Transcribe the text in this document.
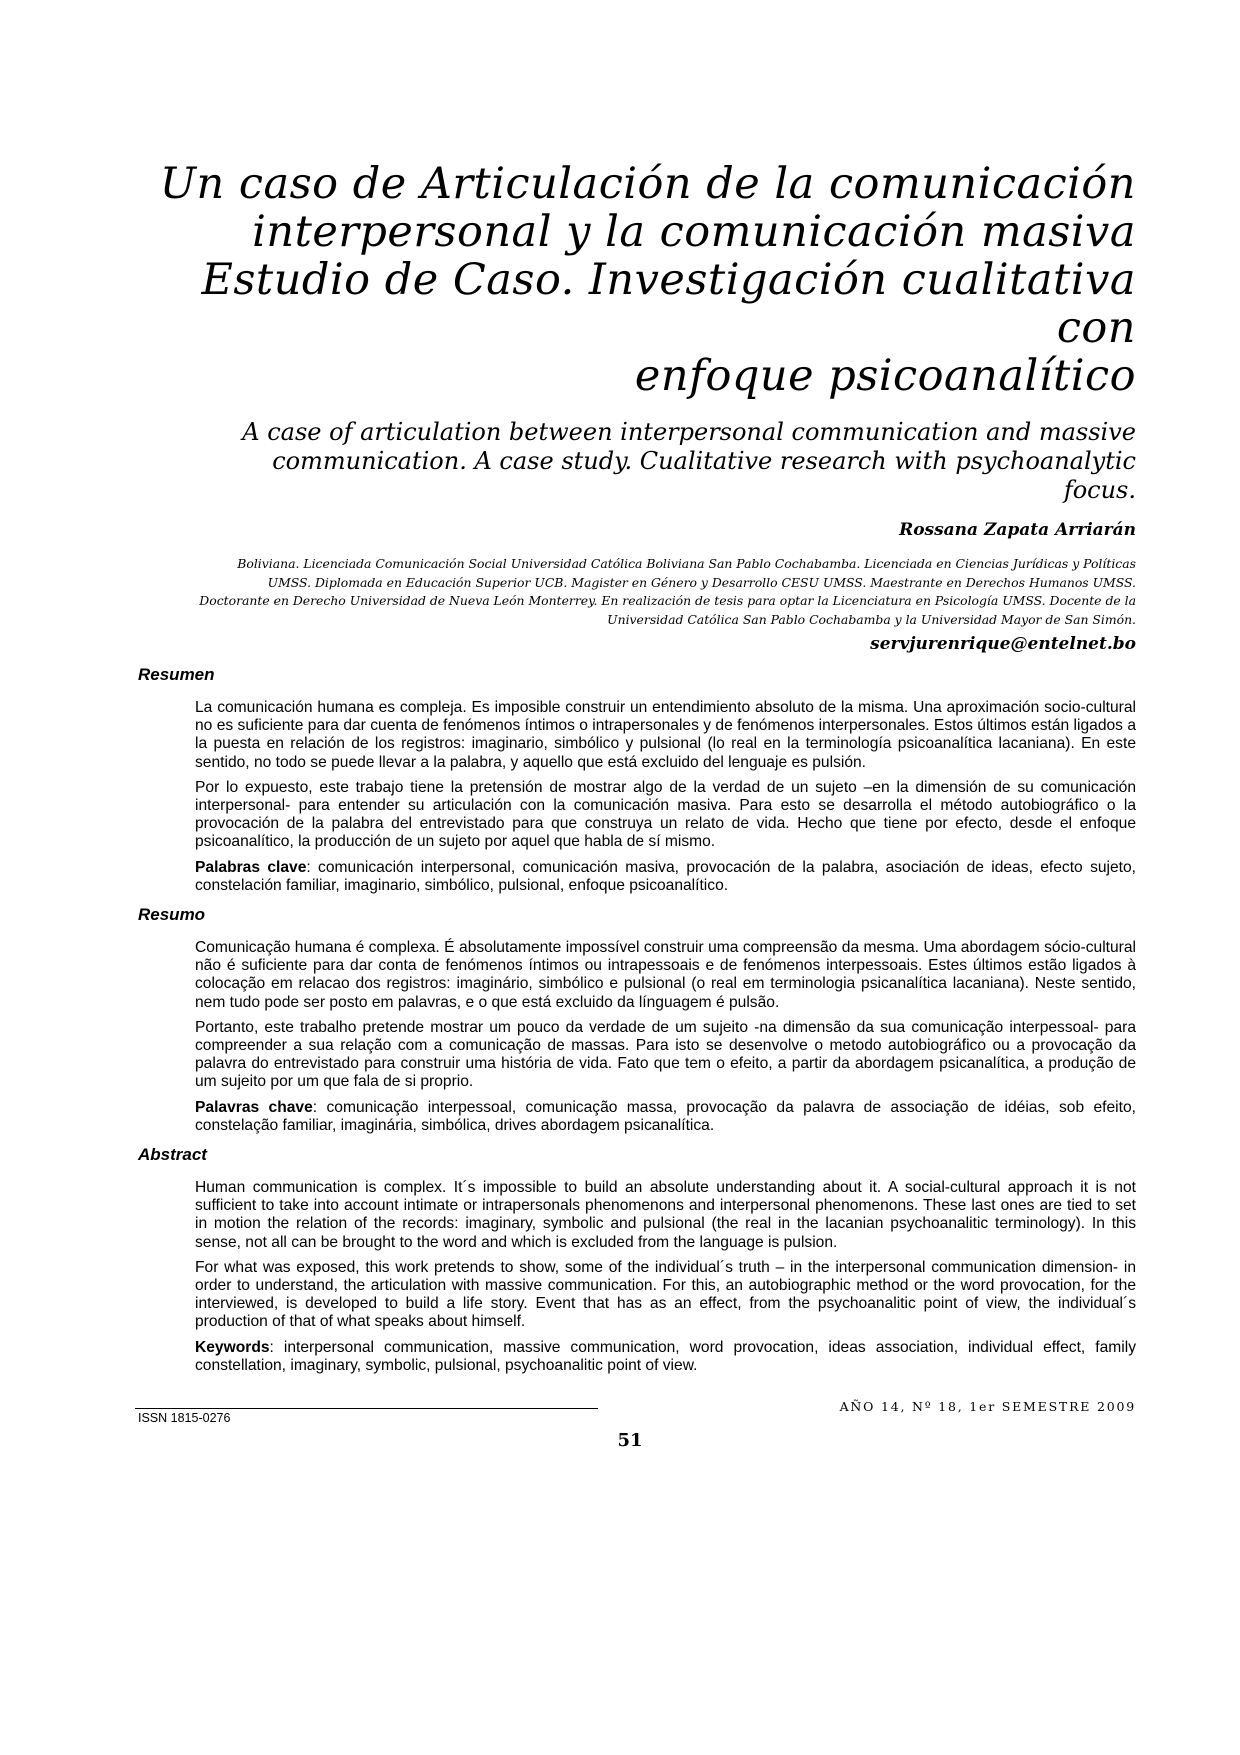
Un caso de Articulación de la comunicación
interpersonal y la comunicación masiva
Estudio de Caso. Investigación cualitativa con
enfoque psicoanalítico
A case of articulation between interpersonal communication and massive
communication. A case study. Cualitative research with psychoanalytic
focus.
Rossana Zapata Arriarán
Boliviana. Licenciada Comunicación Social Universidad Católica Boliviana San Pablo Cochabamba. Licenciada en Ciencias Jurídicas y Políticas
UMSS. Diplomada en Educación Superior UCB. Magister en Género y Desarrollo CESU UMSS. Maestrante en Derechos Humanos UMSS.
Doctorante en Derecho Universidad de Nueva León Monterrey. En realización de tesis para optar la Licenciatura en Psicología UMSS. Docente de la
Universidad Católica San Pablo Cochabamba y la Universidad Mayor de San Simón.
servjurenrique@entelnet.bo
Resumen

La comunicación humana es compleja. Es imposible construir un entendimiento absoluto de la misma. Una aproximación socio-cultural no es suficiente para dar cuenta de fenómenos íntimos o intrapersonales y de fenómenos interpersonales. Estos últimos están ligados a la puesta en relación de los registros: imaginario, simbólico y pulsional (lo real en la terminología psicoanalítica lacaniana). En este sentido, no todo se puede llevar a la palabra, y aquello que está excluido del lenguaje es pulsión.

Por lo expuesto, este trabajo tiene la pretensión de mostrar algo de la verdad de un sujeto –en la dimensión de su comunicación interpersonal- para entender su articulación con la comunicación masiva. Para esto se desarrolla el método autobiográfico o la provocación de la palabra del entrevistado para que construya un relato de vida. Hecho que tiene por efecto, desde el enfoque psicoanalítico, la producción de un sujeto por aquel que habla de sí mismo.

Palabras clave: comunicación interpersonal, comunicación masiva, provocación de la palabra, asociación de ideas, efecto sujeto, constelación familiar, imaginario, simbólico, pulsional, enfoque psicoanalítico.

Resumo

Comunicação humana é complexa. É absolutamente impossível construir uma compreensão da mesma. Uma abordagem sócio-cultural não é suficiente para dar conta de fenómenos íntimos ou intrapessoais e de fenómenos interpessoais. Estes últimos estão ligados à colocação em relacao dos registros: imaginário, simbólico e pulsional (o real em terminologia psicanalítica lacaniana). Neste sentido, nem tudo pode ser posto em palavras, e o que está excluido da línguagem é pulsão.

Portanto, este trabalho pretende mostrar um pouco da verdade de um sujeito -na dimensão da sua comunicação interpessoal- para compreender a sua relação com a comunicação de massas. Para isto se desenvolve o metodo autobiográfico ou a provocação da palavra do entrevistado para construir uma história de vida. Fato que tem o efeito, a partir da abordagem psicanalítica, a produção de um sujeito por um que fala de si proprio.

Palavras chave: comunicação interpessoal, comunicação massa, provocação da palavra de associação de idéias, sob efeito, constelação familiar, imaginária, simbólica, drives abordagem psicanalítica.

Abstract

Human communication is complex. It´s impossible to build an absolute understanding about it. A social-cultural approach it is not sufficient to take into account intimate or intrapersonals phenomenons and interpersonal phenomenons. These last ones are tied to set in motion the relation of the records: imaginary, symbolic and pulsional (the real in the lacanian psychoanalitic terminology). In this sense, not all can be brought to the word and which is excluded from the language is pulsion.

For what was exposed, this work pretends to show, some of the individual´s truth – in the interpersonal communication dimension- in order to understand, the articulation with massive communication. For this, an autobiographic method or the word provocation, for the interviewed, is developed to build a life story. Event that has as an effect, from the psychoanalitic point of view, the individual´s production of that of what speaks about himself.

Keywords: interpersonal communication, massive communication, word provocation, ideas association, individual effect, family constellation, imaginary, symbolic, pulsional, psychoanalitic point of view.

ISSN 1815-0276
AÑO 14, Nº 18, 1er SEMESTRE 2009
51
